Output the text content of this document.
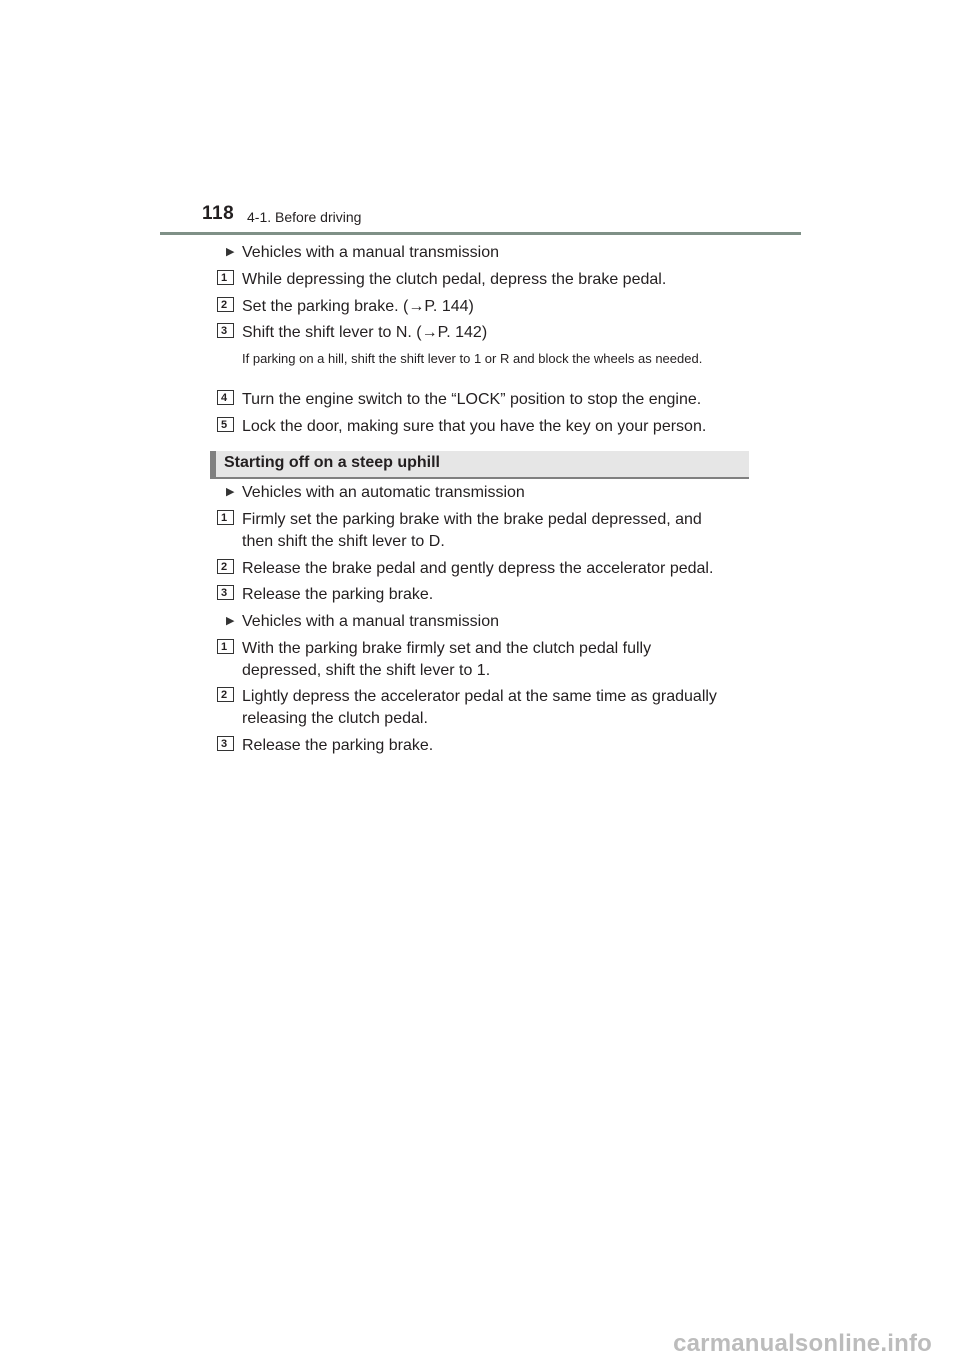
118 4-1. Before driving
▶ Vehicles with a manual transmission
1 While depressing the clutch pedal, depress the brake pedal.
2 Set the parking brake. (→P. 144)
3 Shift the shift lever to N. (→P. 142)
If parking on a hill, shift the shift lever to 1 or R and block the wheels as needed.
4 Turn the engine switch to the “LOCK” position to stop the engine.
5 Lock the door, making sure that you have the key on your person.
Starting off on a steep uphill
▶ Vehicles with an automatic transmission
1 Firmly set the parking brake with the brake pedal depressed, and
then shift the shift lever to D.
2 Release the brake pedal and gently depress the accelerator pedal.
3 Release the parking brake.
▶ Vehicles with a manual transmission
1 With the parking brake firmly set and the clutch pedal fully
depressed, shift the shift lever to 1.
2 Lightly depress the accelerator pedal at the same time as gradually
releasing the clutch pedal.
3 Release the parking brake.
carmanualsonline.info
